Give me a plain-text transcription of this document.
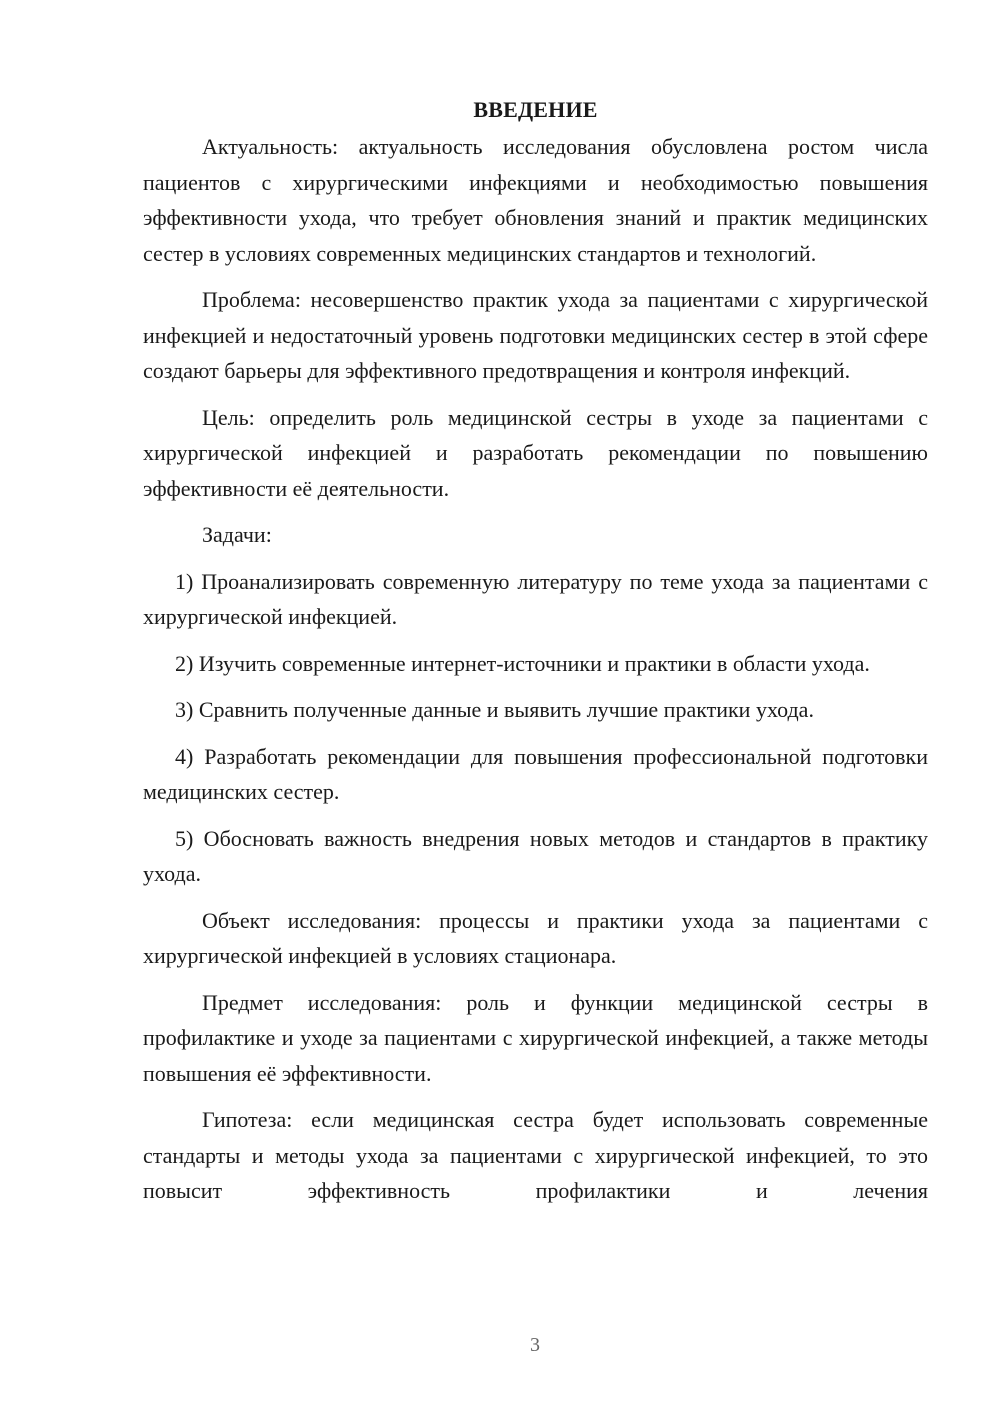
ВВЕДЕНИЕ

Актуальность: актуальность исследования обусловлена ростом числа пациентов с хирургическими инфекциями и необходимостью повышения эффективности ухода, что требует обновления знаний и практик медицинских сестер в условиях современных медицинских стандартов и технологий.

Проблема: несовершенство практик ухода за пациентами с хирургической инфекцией и недостаточный уровень подготовки медицинских сестер в этой сфере создают барьеры для эффективного предотвращения и контроля инфекций.

Цель: определить роль медицинской сестры в уходе за пациентами с хирургической инфекцией и разработать рекомендации по повышению эффективности её деятельности.

Задачи:

1) Проанализировать современную литературу по теме ухода за пациентами с хирургической инфекцией.

2) Изучить современные интернет-источники и практики в области ухода.

3) Сравнить полученные данные и выявить лучшие практики ухода.

4) Разработать рекомендации для повышения профессиональной подготовки медицинских сестер.

5) Обосновать важность внедрения новых методов и стандартов в практику ухода.

Объект исследования: процессы и практики ухода за пациентами с хирургической инфекцией в условиях стационара.

Предмет исследования: роль и функции медицинской сестры в профилактике и уходе за пациентами с хирургической инфекцией, а также методы повышения её эффективности.

Гипотеза: если медицинская сестра будет использовать современные стандарты и методы ухода за пациентами с хирургической инфекцией, то это повысит эффективность профилактики и лечения

3
